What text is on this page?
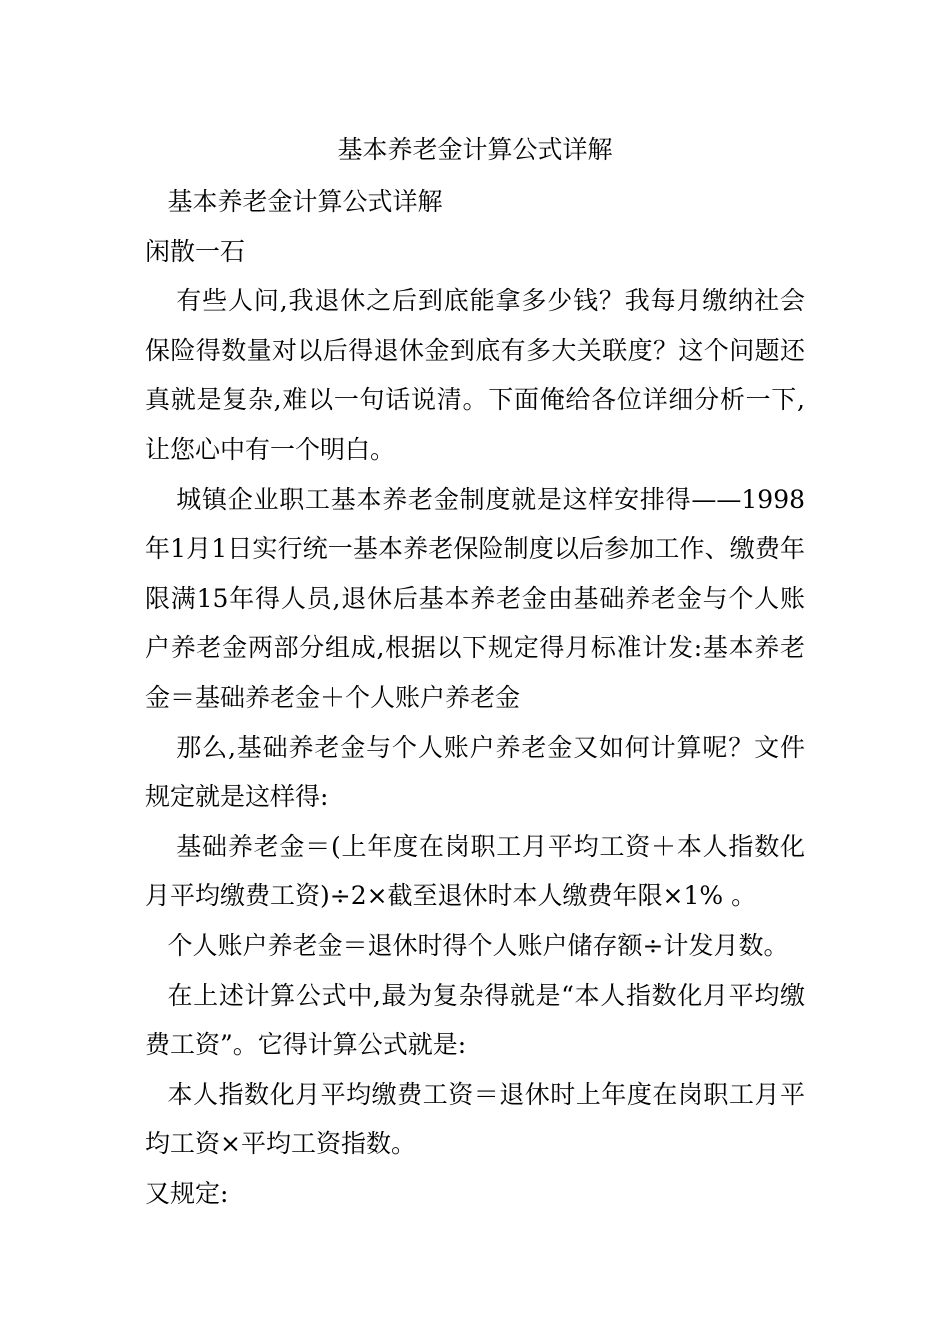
基本养老金计算公式详解

基本养老金计算公式详解

闲散一石

有些人问,我退休之后到底能拿多少钱？我每月缴纳社会保险得数量对以后得退休金到底有多大关联度？这个问题还真就是复杂,难以一句话说清。下面俺给各位详细分析一下,让您心中有一个明白。

城镇企业职工基本养老金制度就是这样安排得——1998年1月1日实行统一基本养老保险制度以后参加工作、缴费年限满15年得人员,退休后基本养老金由基础养老金与个人账户养老金两部分组成,根据以下规定得月标准计发:基本养老金＝基础养老金＋个人账户养老金

那么,基础养老金与个人账户养老金又如何计算呢？文件规定就是这样得:

基础养老金＝(上年度在岗职工月平均工资＋本人指数化月平均缴费工资)÷2×截至退休时本人缴费年限×1% 。

个人账户养老金＝退休时得个人账户储存额÷计发月数。

在上述计算公式中,最为复杂得就是“本人指数化月平均缴费工资”。它得计算公式就是:

本人指数化月平均缴费工资＝退休时上年度在岗职工月平均工资×平均工资指数。

又规定:
